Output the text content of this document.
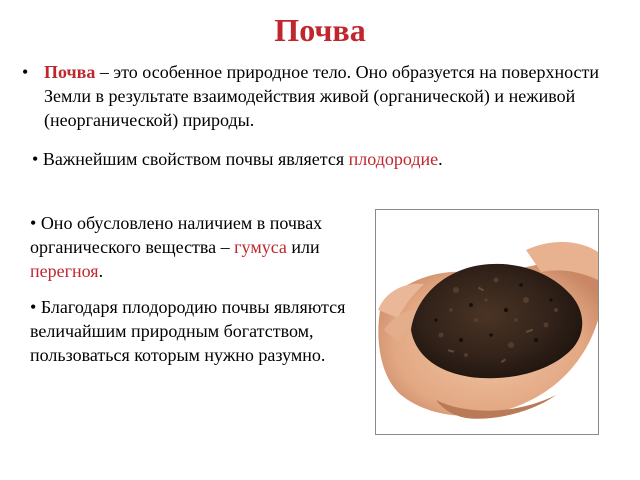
Почва
• Почва – это особенное природное тело. Оно образуется на поверхности Земли в результате взаимодействия живой (органической) и неживой (неорганической) природы.
• Важнейшим свойством почвы является плодородие.
• Оно обусловлено наличием в почвах органического вещества – гумуса или перегноя.
• Благодаря плодородию почвы являются величайшим природным богатством, пользоваться которым нужно разумно.
